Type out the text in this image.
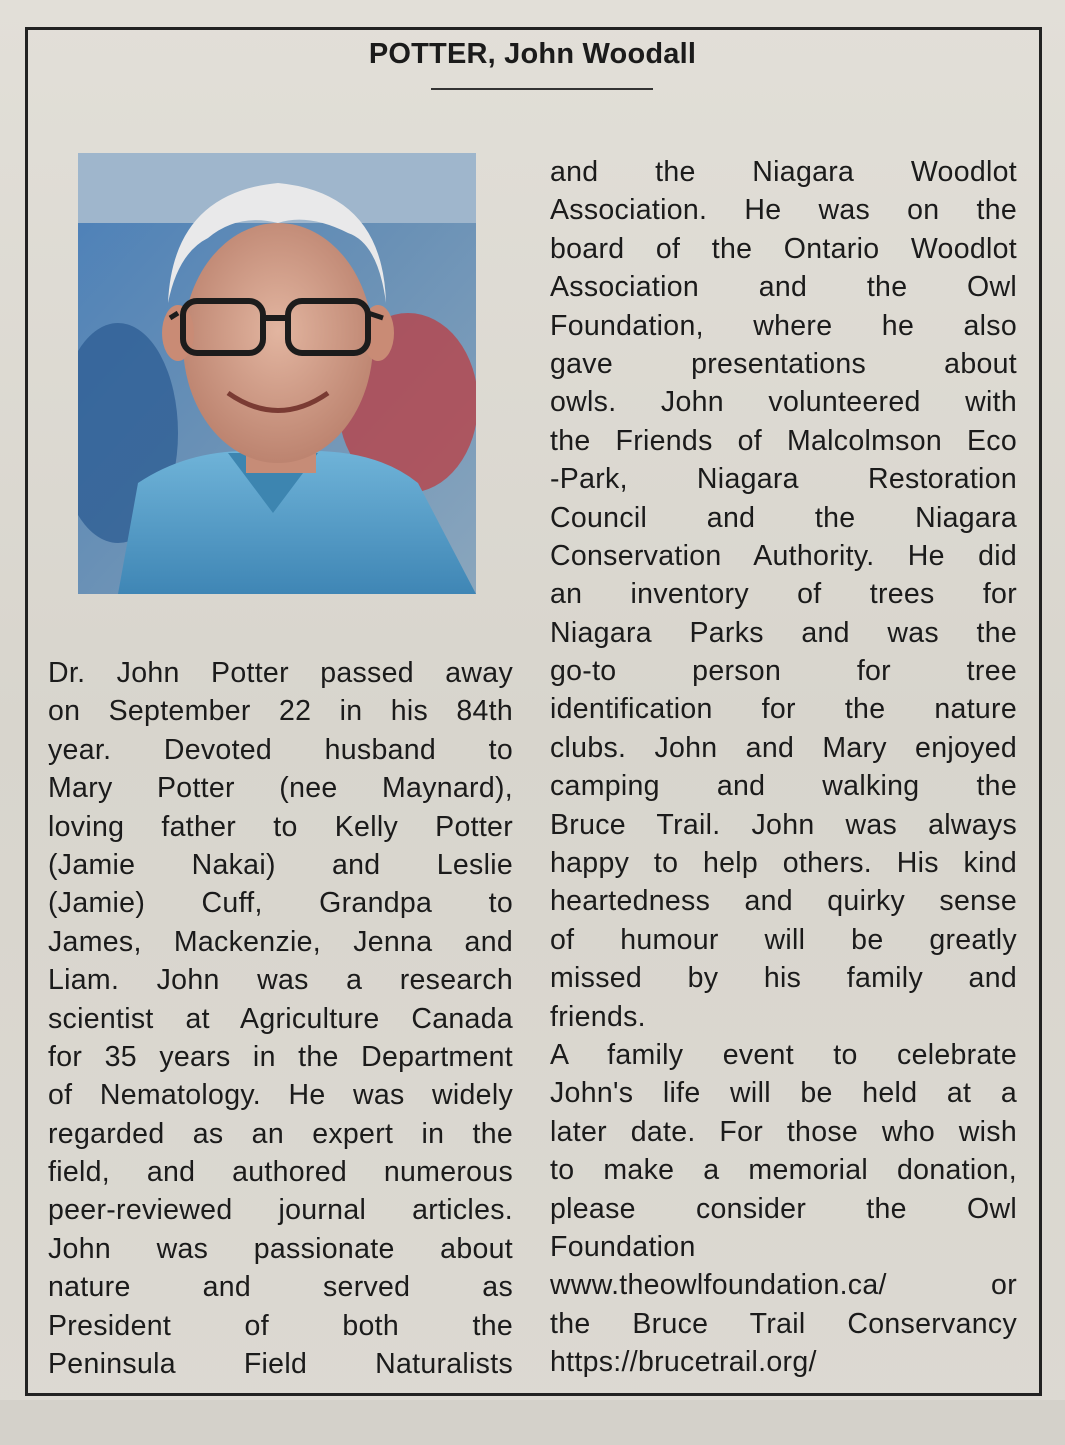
POTTER, John Woodall
Dr. John Potter passed away
on September 22 in his 84th
year. Devoted husband to
Mary Potter (nee Maynard),
loving father to Kelly Potter
(Jamie Nakai) and Leslie
(Jamie) Cuff, Grandpa to
James, Mackenzie, Jenna and
Liam. John was a research
scientist at Agriculture Canada
for 35 years in the Department
of Nematology. He was widely
regarded as an expert in the
field, and authored numerous
peer-reviewed journal articles.
John was passionate about
nature and served as
President of both the
Peninsula Field Naturalists
and the Niagara Woodlot
Association. He was on the
board of the Ontario Woodlot
Association and the Owl
Foundation, where he also
gave presentations about
owls. John volunteered with
the Friends of Malcolmson Eco
-Park, Niagara Restoration
Council and the Niagara
Conservation Authority. He did
an inventory of trees for
Niagara Parks and was the
go-to person for tree
identification for the nature
clubs. John and Mary enjoyed
camping and walking the
Bruce Trail. John was always
happy to help others. His kind
heartedness and quirky sense
of humour will be greatly
missed by his family and
friends.
A family event to celebrate
John's life will be held at a
later date. For those who wish
to make a memorial donation,
please consider the Owl
Foundation
www.theowlfoundation.ca/ or
the Bruce Trail Conservancy
https://brucetrail.org/
